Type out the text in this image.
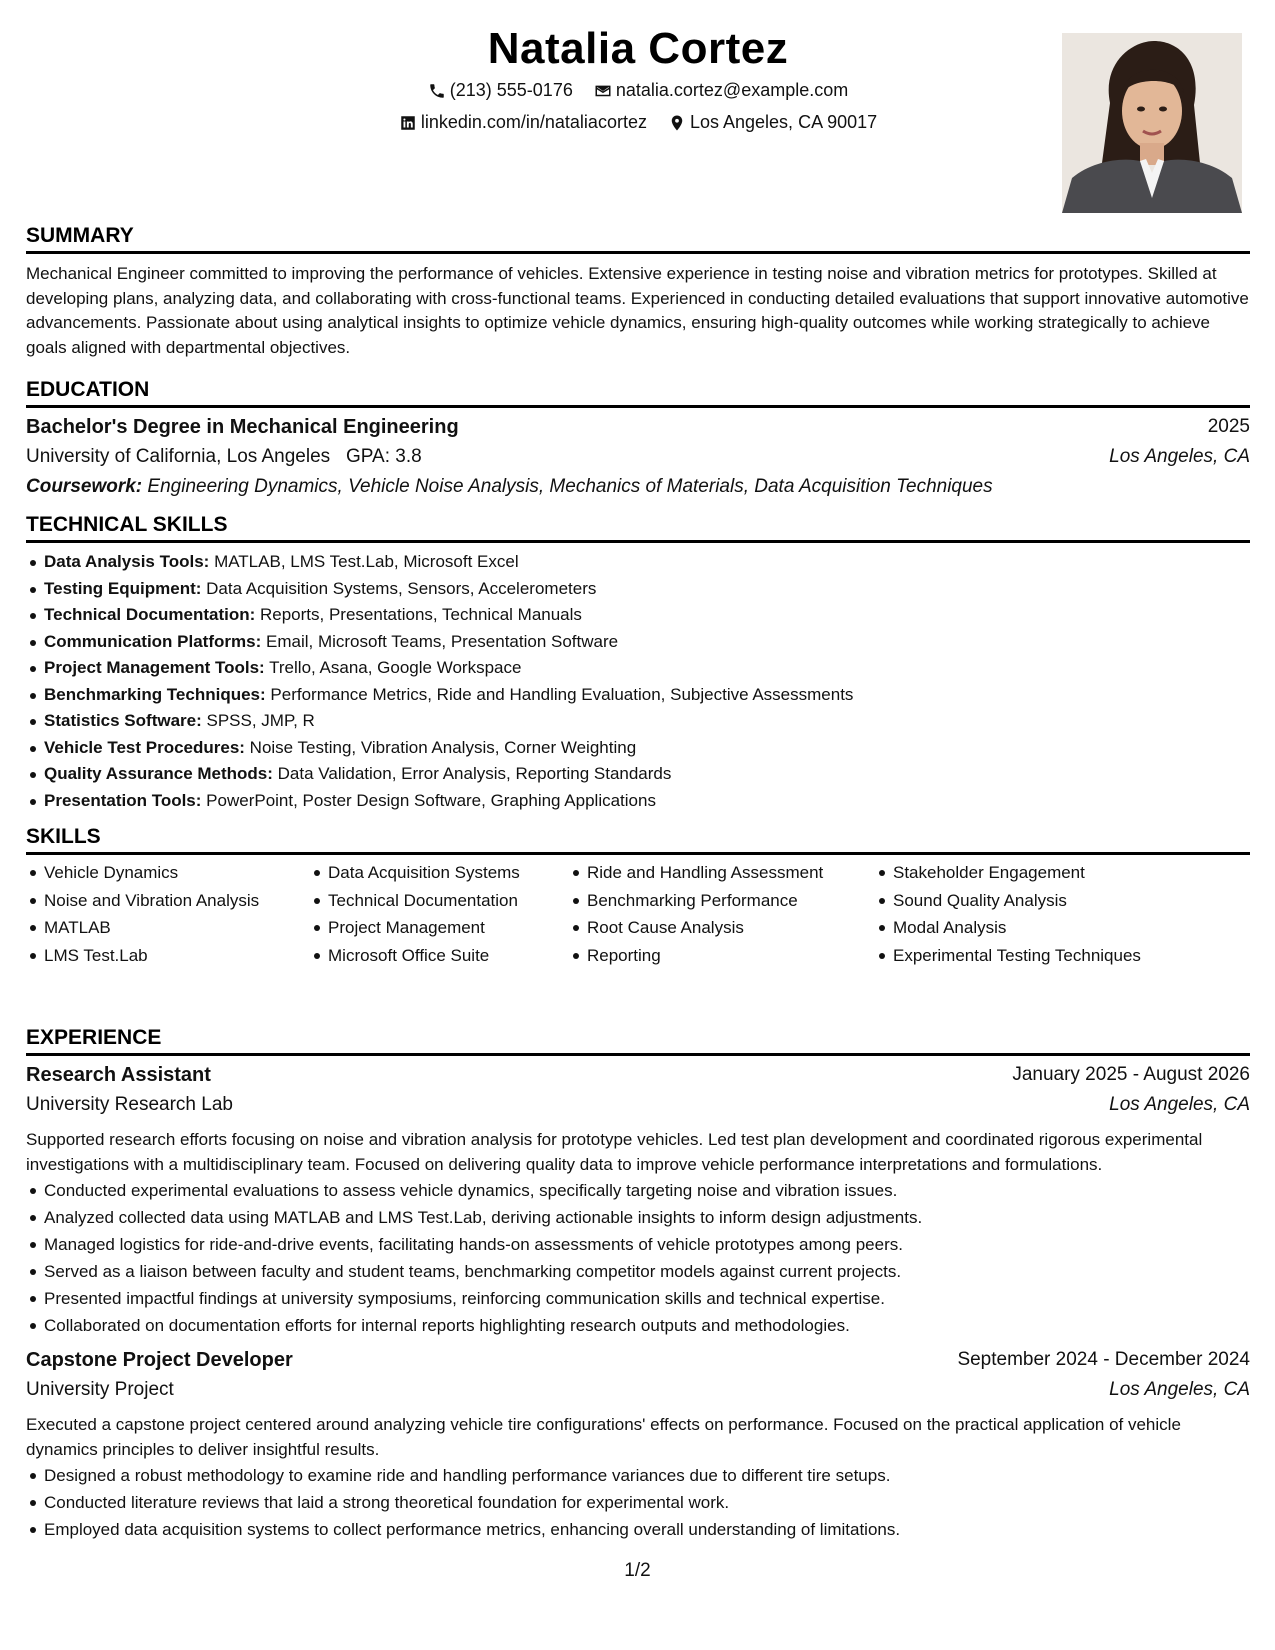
Natalia Cortez
(213) 555-0176
natalia.cortez@example.com
linkedin.com/in/nataliacortez
Los Angeles, CA 90017
SUMMARY
Mechanical Engineer committed to improving the performance of vehicles. Extensive experience in testing noise and vibration metrics for prototypes. Skilled at developing plans, analyzing data, and collaborating with cross-functional teams. Experienced in conducting detailed evaluations that support innovative automotive advancements. Passionate about using analytical insights to optimize vehicle dynamics, ensuring high-quality outcomes while working strategically to achieve goals aligned with departmental objectives.
EDUCATION
Bachelor's Degree in Mechanical Engineering	2025
University of California, Los Angeles GPA: 3.8	Los Angeles, CA
Coursework: Engineering Dynamics, Vehicle Noise Analysis, Mechanics of Materials, Data Acquisition Techniques
TECHNICAL SKILLS
Data Analysis Tools: MATLAB, LMS Test.Lab, Microsoft Excel
Testing Equipment: Data Acquisition Systems, Sensors, Accelerometers
Technical Documentation: Reports, Presentations, Technical Manuals
Communication Platforms: Email, Microsoft Teams, Presentation Software
Project Management Tools: Trello, Asana, Google Workspace
Benchmarking Techniques: Performance Metrics, Ride and Handling Evaluation, Subjective Assessments
Statistics Software: SPSS, JMP, R
Vehicle Test Procedures: Noise Testing, Vibration Analysis, Corner Weighting
Quality Assurance Methods: Data Validation, Error Analysis, Reporting Standards
Presentation Tools: PowerPoint, Poster Design Software, Graphing Applications
SKILLS
Vehicle Dynamics
Noise and Vibration Analysis
MATLAB
LMS Test.Lab
Data Acquisition Systems
Technical Documentation
Project Management
Microsoft Office Suite
Ride and Handling Assessment
Benchmarking Performance
Root Cause Analysis
Reporting
Stakeholder Engagement
Sound Quality Analysis
Modal Analysis
Experimental Testing Techniques
EXPERIENCE
Research Assistant	January 2025 - August 2026
University Research Lab	Los Angeles, CA
Supported research efforts focusing on noise and vibration analysis for prototype vehicles. Led test plan development and coordinated rigorous experimental investigations with a multidisciplinary team. Focused on delivering quality data to improve vehicle performance interpretations and formulations.
Conducted experimental evaluations to assess vehicle dynamics, specifically targeting noise and vibration issues.
Analyzed collected data using MATLAB and LMS Test.Lab, deriving actionable insights to inform design adjustments.
Managed logistics for ride-and-drive events, facilitating hands-on assessments of vehicle prototypes among peers.
Served as a liaison between faculty and student teams, benchmarking competitor models against current projects.
Presented impactful findings at university symposiums, reinforcing communication skills and technical expertise.
Collaborated on documentation efforts for internal reports highlighting research outputs and methodologies.
Capstone Project Developer	September 2024 - December 2024
University Project	Los Angeles, CA
Executed a capstone project centered around analyzing vehicle tire configurations' effects on performance. Focused on the practical application of vehicle dynamics principles to deliver insightful results.
Designed a robust methodology to examine ride and handling performance variances due to different tire setups.
Conducted literature reviews that laid a strong theoretical foundation for experimental work.
Employed data acquisition systems to collect performance metrics, enhancing overall understanding of limitations.
1/2
